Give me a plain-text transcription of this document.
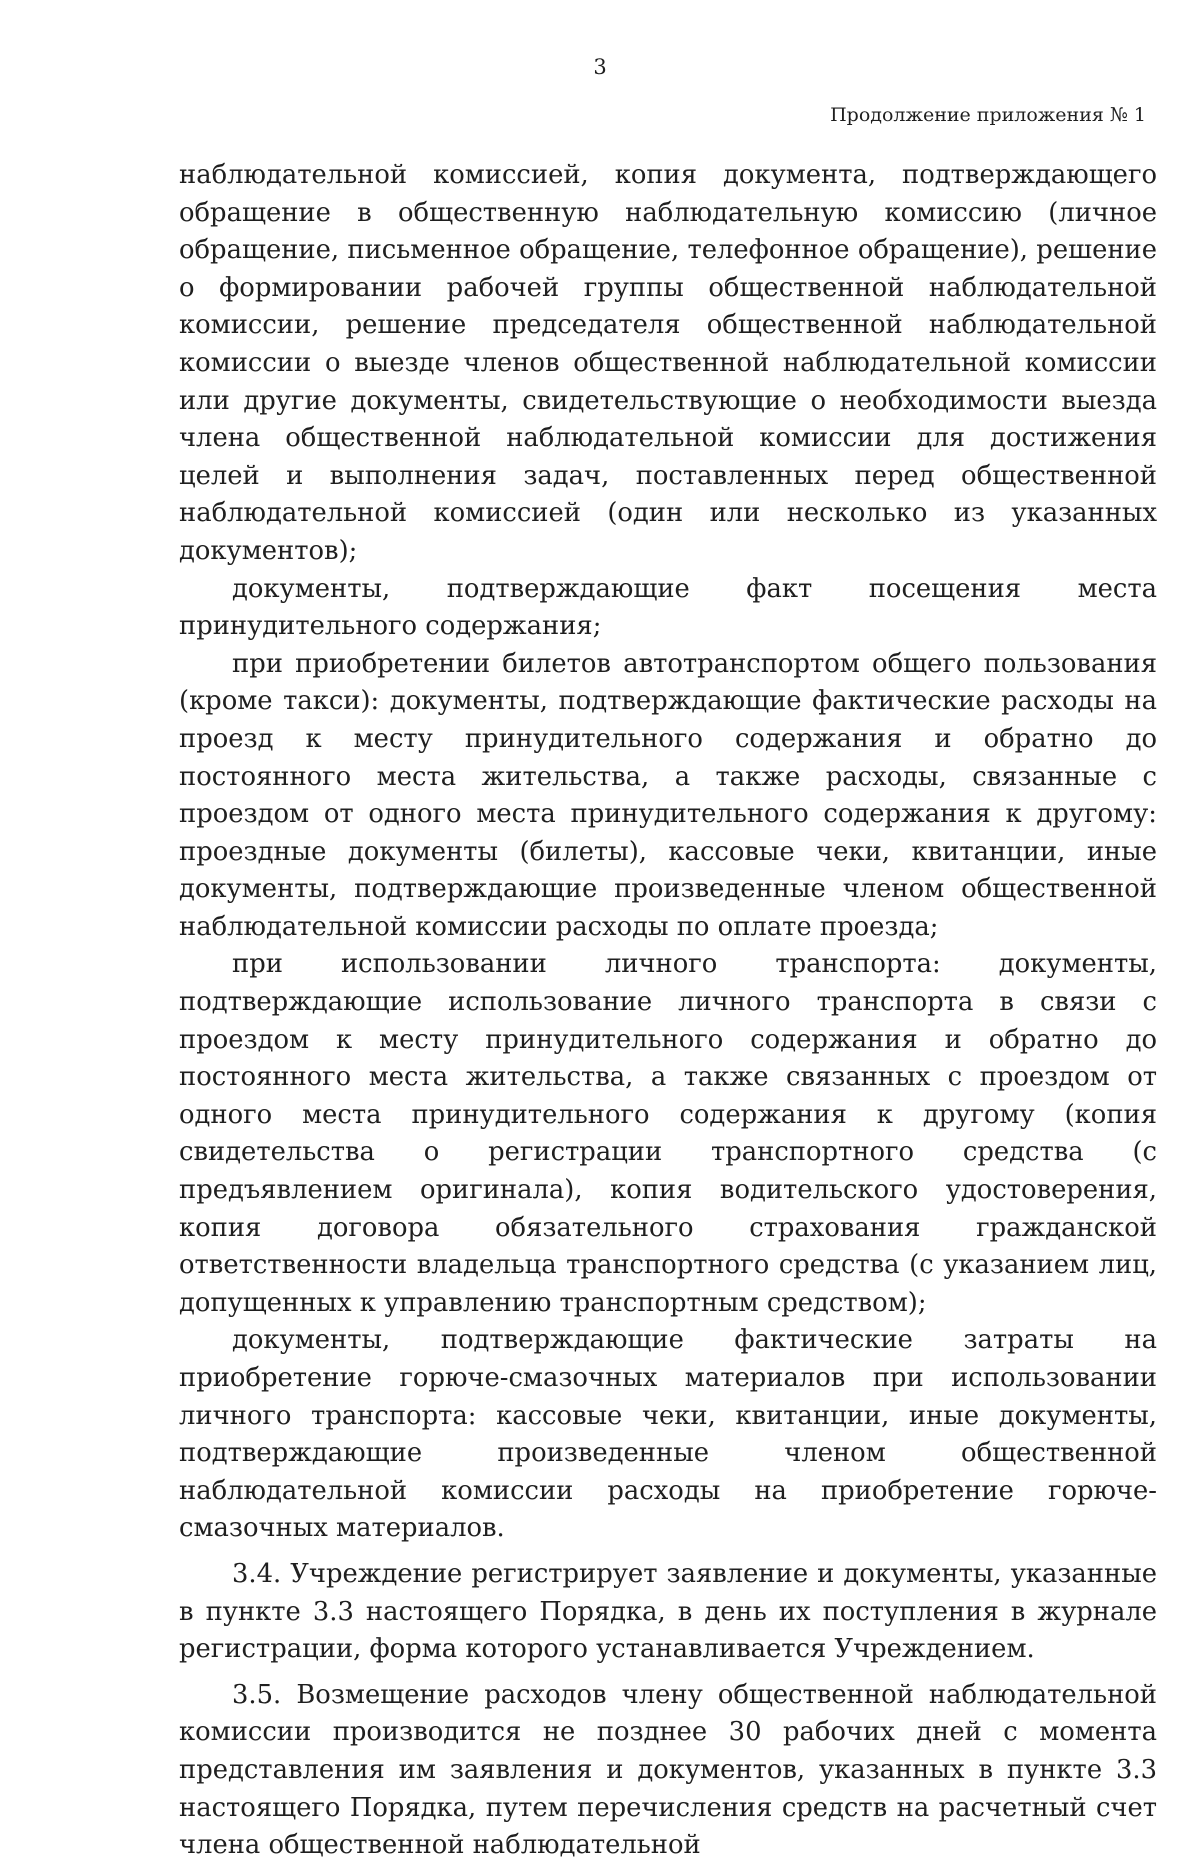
3
Продолжение приложения № 1

наблюдательной комиссией, копия документа, подтверждающего обращение в общественную наблюдательную комиссию (личное обращение, письменное обращение, телефонное обращение), решение о формировании рабочей группы общественной наблюдательной комиссии, решение председателя общественной наблюдательной комиссии о выезде членов общественной наблюдательной комиссии или другие документы, свидетельствующие о необходимости выезда члена общественной наблюдательной комиссии для достижения целей и выполнения задач, поставленных перед общественной наблюдательной комиссией (один или несколько из указанных документов);

документы, подтверждающие факт посещения места принудительного содержания;

при приобретении билетов автотранспортом общего пользования (кроме такси): документы, подтверждающие фактические расходы на проезд к месту принудительного содержания и обратно до постоянного места жительства, а также расходы, связанные с проездом от одного места принудительного содержания к другому: проездные документы (билеты), кассовые чеки, квитанции, иные документы, подтверждающие произведенные членом общественной наблюдательной комиссии расходы по оплате проезда;

при использовании личного транспорта: документы, подтверждающие использование личного транспорта в связи с проездом к месту принудительного содержания и обратно до постоянного места жительства, а также связанных с проездом от одного места принудительного содержания к другому (копия свидетельства о регистрации транспортного средства (с предъявлением оригинала), копия водительского удостоверения, копия договора обязательного страхования гражданской ответственности владельца транспортного средства (с указанием лиц, допущенных к управлению транспортным средством);

документы, подтверждающие фактические затраты на приобретение горюче-смазочных материалов при использовании личного транспорта: кассовые чеки, квитанции, иные документы, подтверждающие произведенные членом общественной наблюдательной комиссии расходы на приобретение горюче-смазочных материалов.

3.4. Учреждение регистрирует заявление и документы, указанные в пункте 3.3 настоящего Порядка, в день их поступления в журнале регистрации, форма которого устанавливается Учреждением.

3.5. Возмещение расходов члену общественной наблюдательной комиссии производится не позднее 30 рабочих дней с момента представления им заявления и документов, указанных в пункте 3.3 настоящего Порядка, путем перечисления средств на расчетный счет члена общественной наблюдательной
